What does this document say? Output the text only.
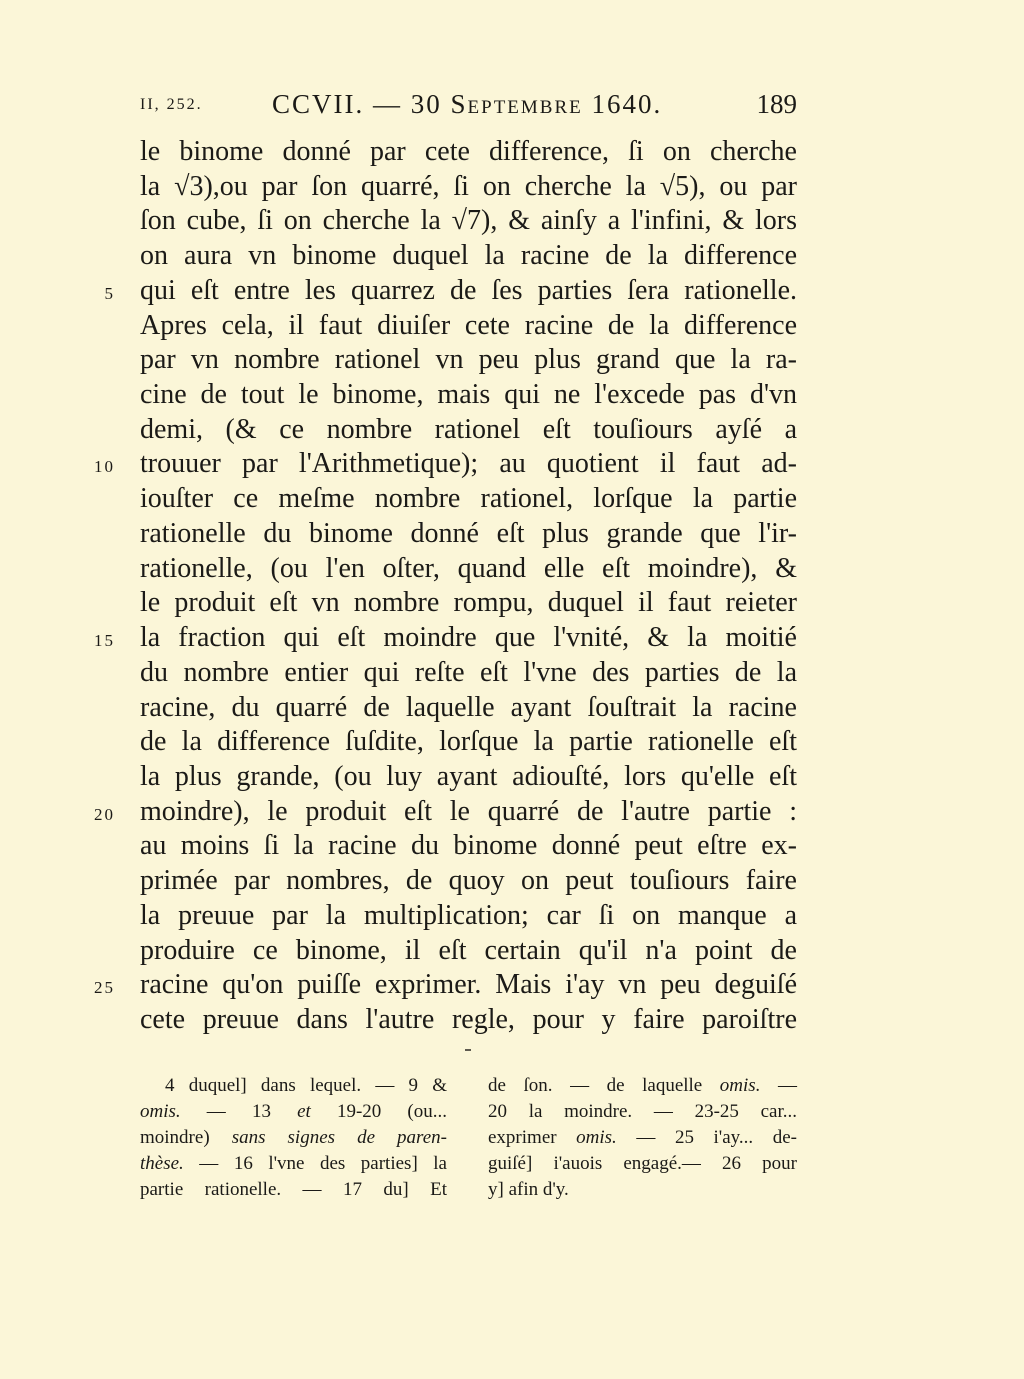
II, 252.	CCVII. — 30 Septembre 1640.	189
le binome donné par cete difference, ſi on cherche
la √3),ou par ſon quarré, ſi on cherche la √5), ou par
ſon cube, ſi on cherche la √7), & ainſy a l'infini, & lors
on aura vn binome duquel la racine de la difference
5 qui eſt entre les quarrez de ſes parties ſera rationelle.
Apres cela, il faut diuiſer cete racine de la difference
par vn nombre rationel vn peu plus grand que la ra-
cine de tout le binome, mais qui ne l'excede pas d'vn
demi, (& ce nombre rationel eſt touſiours ayſé a
10 trouuer par l'Arithmetique); au quotient il faut ad-
iouſter ce meſme nombre rationel, lorſque la partie
rationelle du binome donné eſt plus grande que l'ir-
rationelle, (ou l'en oſter, quand elle eſt moindre), &
le produit eſt vn nombre rompu, duquel il faut reieter
15 la fraction qui eſt moindre que l'vnité, & la moitié
du nombre entier qui reſte eſt l'vne des parties de la
racine, du quarré de laquelle ayant ſouſtrait la racine
de la difference ſuſdite, lorſque la partie rationelle eſt
la plus grande, (ou luy ayant adiouſté, lors qu'elle eſt
20 moindre), le produit eſt le quarré de l'autre partie :
au moins ſi la racine du binome donné peut eſtre ex-
primée par nombres, de quoy on peut touſiours faire
la preuue par la multiplication; car ſi on manque a
produire ce binome, il eſt certain qu'il n'a point de
25 racine qu'on puiſſe exprimer. Mais i'ay vn peu deguiſé
cete preuue dans l'autre regle, pour y faire paroiſtre
4 duquel] dans lequel. — 9 &
omis. — 13 et 19-20 (ou...
moindre) sans signes de paren-
thèse. — 16 l'vne des parties] la
partie rationelle. — 17 du] Et
de ſon. — de laquelle omis. —
20 la moindre. — 23-25 car...
exprimer omis. — 25 i'ay... de-
guiſé] i'auois engagé.— 26 pour
y] afin d'y.
